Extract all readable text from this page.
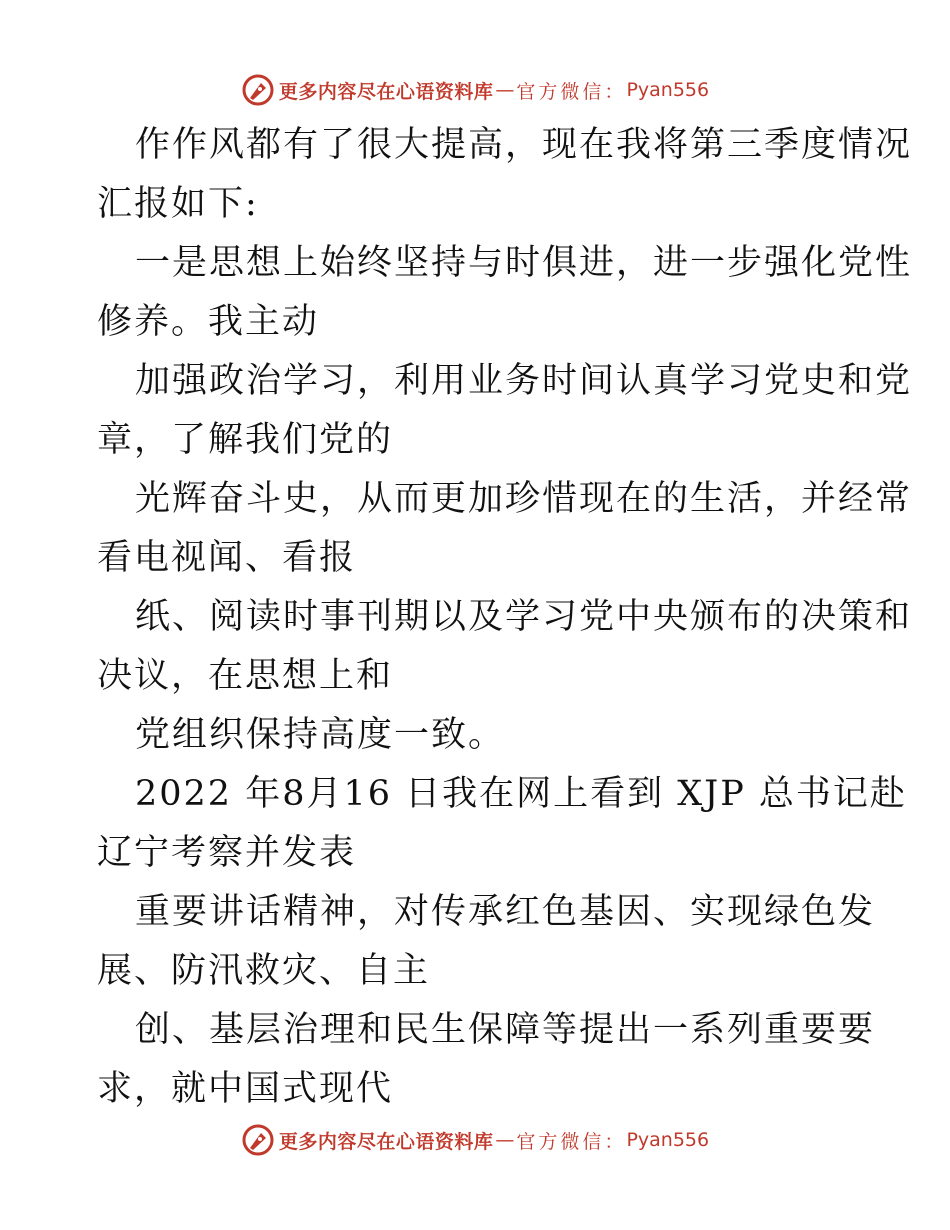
更多内容尽在心语资料库 — 官方微信： Pyan556
作作风都有了很大提高，现在我将第三季度情况
汇报如下:
一是思想上始终坚持与时俱进，进一步强化党性
修养。我主动
加强政治学习，利用业务时间认真学习党史和党
章，了解我们党的
光辉奋斗史，从而更加珍惜现在的生活，并经常
看电视闻、看报
纸、阅读时事刊期以及学习党中央颁布的决策和
决议，在思想上和
党组织保持高度一致。
2022 年8月16 日我在网上看到 XJP 总书记赴
辽宁考察并发表
重要讲话精神，对传承红色基因、实现绿色发
展、防汛救灾、自主
创、基层治理和民生保障等提出一系列重要要
求，就中国式现代
更多内容尽在心语资料库 — 官方微信： Pyan556
